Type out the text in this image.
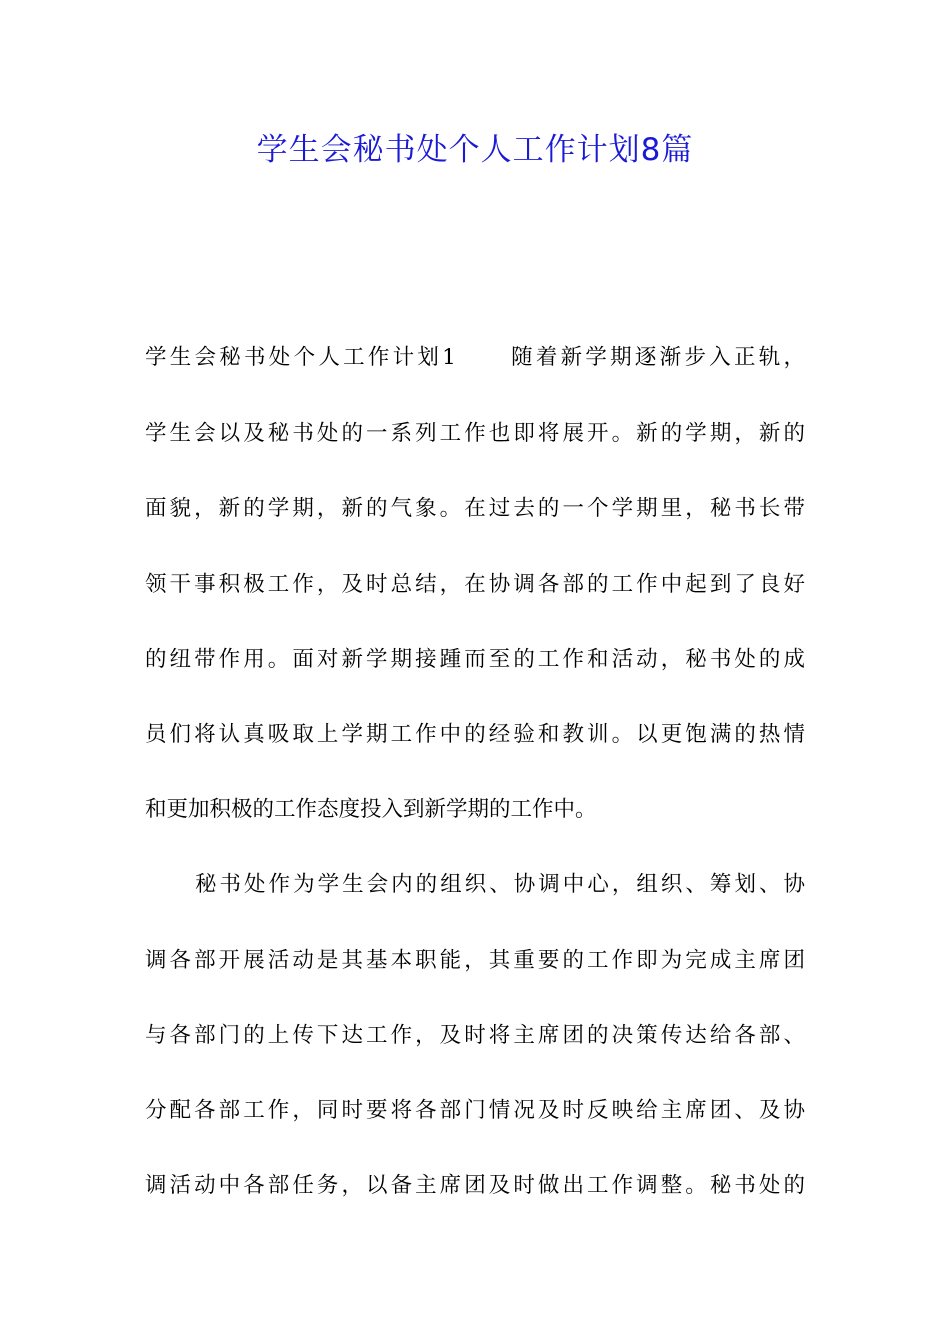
学生会秘书处个人工作计划8篇
学生会秘书处个人工作计划1 随着新学期逐渐步入正轨，
学生会以及秘书处的一系列工作也即将展开。新的学期，新的
面貌，新的学期，新的气象。在过去的一个学期里，秘书长带
领干事积极工作，及时总结，在协调各部的工作中起到了良好
的纽带作用。面对新学期接踵而至的工作和活动，秘书处的成
员们将认真吸取上学期工作中的经验和教训。以更饱满的热情
和更加积极的工作态度投入到新学期的工作中。
秘书处作为学生会内的组织、协调中心，组织、筹划、协
调各部开展活动是其基本职能，其重要的工作即为完成主席团
与各部门的上传下达工作，及时将主席团的决策传达给各部、
分配各部工作，同时要将各部门情况及时反映给主席团、及协
调活动中各部任务，以备主席团及时做出工作调整。秘书处的
